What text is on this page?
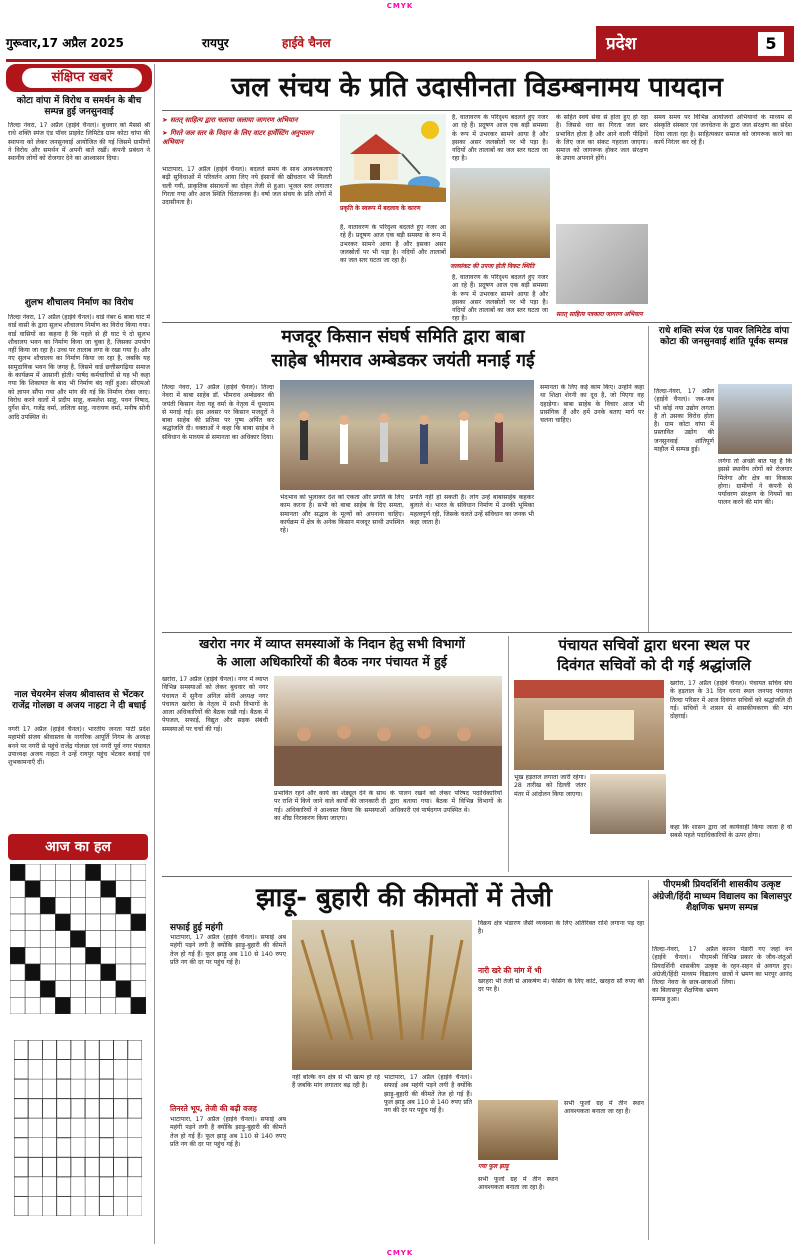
CMYK
CMYK
गुरूवार,17 अप्रैल 2025	रायपुर	हाईवे चैनल	प्रदेश	5
संक्षिप्त खबरें
कोटा वांपा में विरोध व समर्थन के बीच सम्पन्न हुई जनसुनवाई
तिल्दा नेवरा, 17 अप्रैल (हाईवे चैनल)। बुधवार को मैसर्स श्री राधे शक्ति स्पंज एंड पॉवर प्राइवेट लिमिटेड ग्राम कोटा चांपा की स्थापना को लेकर जनसुनवाई आयोजित की गई जिसमें ग्रामीणों ने विरोध और समर्थन में अपनी बातें रखीं। कंपनी प्रबंधन ने स्थानीय लोगों को रोजगार देने का आश्वासन दिया।
शुलभ शौचालय निर्माण का विरोध
तिल्दा नेवरा, 17 अप्रैल (हाईवे चैनल)। वार्ड नंबर 6 बाबा घाट में वार्ड वासी के द्वारा सुलभ शौचालय निर्माण का विरोध किया गया। वार्ड वासियों का कहना है कि पहले से ही घाट पे दो सुलभ शौचालय भवन का निर्माण किया जा चुका है, जिसका उपयोग नहीं किया जा रहा है। उच्च पर तालाब लगा के रखा गया है। और नए सुलभ शौचालय का निर्माण किया जा रहा है, जबकि यह सामुदायिक भवन कि जगह है, जिसमे वार्ड छत्तीसगढ़िया समाज के कार्यक्रम में आसानी होती। पार्षद कर्मचारियों से यह भी कहा गया कि शिकायत के बाद भी निर्माण बंद नहीं हुआ। सीएमओ को ज्ञापन सौंपा गया और मांग की गई कि निर्माण रोका जाए। विरोध करने वालों में प्रदीप साहू, कमलेश साहू, पवन निषाद, दुर्गेश सेन, गजेंद्र वर्मा, ललिता साहू, नारायण वर्मा, मनीष सोनी आदि उपस्थित थे।
नाल चेयरमेन संजय श्रीवास्तव से भेंटकर राजेंद्र गोलछा व अजय नाहटा ने दी बधाई
नगरी 17 अप्रैल (हाईवे चैनल)। भारतीय जनता पार्टी प्रदेश महामंत्री संजय श्रीवास्तव के नागरिक आपूर्ति निगम के अध्यक्ष बनने पर नगरी से पहुंचे राजेंद्र गोलछा एवं नगरी पूर्व नगर पंचायत उपाध्यक्ष अजय नाहटा ने उन्हें रायपुर पहुंच भेंटकर बधाई एवं शुभकामनाएँ दीं।
आज का हल
जल संचय के प्रति उदासीनता विडम्बनामय पायदान
➤ सतत् साहित्य द्वारा चलाया जलाया जागरण अभियान
➤ गिरते जल स्तर के निदान के लिए वाटर हार्वेस्टिंग अनुपालन अभियान
भाटापारा, 17 अप्रैल (हाईवे चैनल)। बदलते समय के साथ आवश्यकताएं बढ़ी सुविधाओं में परिवर्तन आया लिए नये इंसानों की खीचतान भी मिलती चली गयी, प्राकृतिक संसाधनों का दोहन तेजी से हुआ। भूजल स्तर लगातार गिरता गया और आज स्थिति चिंताजनक है। वर्षा जल संचय के प्रति लोगों में उदासीनता है।
प्रकृति के स्वरूप में बदलाव के कारण
है, वातावरण के परिदृश्य बदलते हुए नजर आ रहे हैं। प्रदूषण आज एक बड़ी समस्या के रूप में उभरकर सामने आया है और इसका असर जलस्रोतों पर भी पड़ा है। नदियों और तालाबों का जल स्तर घटता जा रहा है।
है, वातावरण के परिदृश्य बदलते हुए नजर आ रहे हैं। प्रदूषण आज एक बड़ी समस्या के रूप में उभरकर सामने आया है और इसका असर जलस्रोतों पर भी पड़ा है। नदियों और तालाबों का जल स्तर घटता जा रहा है।
जलसंकट की उपजा होती विकट स्थिति
है, वातावरण के परिदृश्य बदलते हुए नजर आ रहे हैं। प्रदूषण आज एक बड़ी समस्या के रूप में उभरकर सामने आया है और इसका असर जलस्रोतों पर भी पड़ा है। नदियों और तालाबों का जल स्तर घटता जा रहा है।
के सहित स्वयं सेवा से होता हुए हो रहा है। जिससे धरा का गिरता जल स्तर प्रभावित होता है और आने वाली पीढ़ियों के लिए जल का संकट गहराता जाएगा। समाज को जागरूक होकर जल संरक्षण के उपाय अपनाने होंगे।
सतत् साहित्य पत्रकारा जागरण अभियान
समय समय पर विभिन्न आयोजनों अभियानों के माध्यम से संस्कृति संस्कार एवं जनचेतना के द्वारा जल संरक्षण का संदेश दिया जाता रहा है। साहित्यकार समाज को जागरूक करने का कार्य निरंतर कर रहे हैं।
मजदूर किसान संघर्ष समिति द्वारा बाबा
साहेब भीमराव अम्बेडकर जयंती मनाई गई
तिल्दा नेवरा, 17 अप्रैल (हाईवे चैनल)। तिल्दा नेवरा में बाबा साहेब डॉ. भीमराव अम्बेडकर की जयंती किसान नेता यहू वर्मा के नेतृत्व में धूमधाम से मनाई गई। इस अवसर पर किसान मजदूरों ने बाबा साहेब की प्रतिमा पर पुष्प अर्पित कर श्रद्धांजलि दी। वक्ताओं ने कहा कि बाबा साहेब ने संविधान के माध्यम से समानता का अधिकार दिया।
भेदभाव को भुलाकर देश को एकता और प्रगति के लिए काम करना है। सभी को बाबा साहेब के दिए समता, समानता और सद्भाव के मूल्यों को अपनाना चाहिए। कार्यक्रम में क्षेत्र के अनेक किसान मजदूर साथी उपस्थित रहे।
प्रगति नहीं हो सकती है। लोग उन्हें बाबासाहेब कहकर बुलाते थे। भारत के संविधान निर्माण में उनकी भूमिका महत्वपूर्ण रही, जिसके चलते उन्हें संविधान का जनक भी कहा जाता है।
समानता के लिए कई काम किए। उन्होंने कहा था शिक्षा शेरनी का दूध है, जो पिएगा वह दहाड़ेगा। बाबा साहेब के विचार आज भी प्रासंगिक हैं और हमें उनके बताए मार्ग पर चलना चाहिए।
राधे शक्ति स्पंज एंड पावर लिमिटेड वांपा कोटा की जनसुनवाई शांति पूर्वक सम्पन्न
तिल्दा-नेवरा, 17 अप्रैल (हाईवे चैनल)। जब-जब भी कोई नया उद्योग लगता है तो उसका विरोध होता है। ग्राम कोटा वांपा में प्रस्तावित उद्योग की जनसुनवाई शांतिपूर्ण माहौल में सम्पन्न हुई।
लगेगा तो अच्छी बात यह है कि इससे स्थानीय लोगों को रोजगार मिलेगा और क्षेत्र का विकास होगा। ग्रामीणों ने कंपनी से पर्यावरण संरक्षण के नियमों का पालन करने की मांग की।
खरोरा नगर में व्याप्त समस्याओं के निदान हेतु सभी विभागों
के आला अधिकारियों की बैठक नगर पंचायत में हुई
खरोरा, 17 अप्रैल (हाईवे चैनल)। नगर में व्याप्त विभिन्न समस्याओं को लेकर बुधवार को नगर पंचायत में सुनैना अनिल सोनी अध्यक्ष नगर पंचायत खरोरा के नेतृत्व में सभी विभागों के आला अधिकारियों की बैठक रखी गई। बैठक में पेयजल, सफाई, विद्युत और सड़क संबंधी समस्याओं पर चर्चा की गई।
प्रभावित रहने और कार्य का शेड्यूल देने के साथ पर राशि में किये जाने वाले कार्यों की जानकारी दी गई। अधिकारियों ने आश्वस्त किया कि समस्याओं का शीघ्र निराकरण किया जाएगा।
के पालन रखने को लेकर परिषद पदाधिकारियों द्वारा बताया गया। बैठक में विभिन्न विभागों के अधिकारी एवं पार्षदगण उपस्थित थे।
पंचायत सचिवों द्वारा धरना स्थल पर
दिवंगत सचिवों को दी गई श्रद्धांजलि
खरोरा, 17 अप्रैल (हाईवे चैनल)। पंचायत सचिव संघ के हड़ताल के 31 दिन धरना स्थल जनपद पंचायत तिल्दा परिसर में आज दिवंगत सचिवों को श्रद्धांजलि दी गई। सचिवों ने शासन से शासकीयकरण की मांग दोहराई।
भूख हड़ताल लगाता जारी रहेगा। 28 तारीख को दिल्ली जंतर मंतर में आंदोलन किया जाएगा।
कहा कि शासन द्वारा जो कार्यवाही किया जाता है वो सबसे पहले पदाधिकारियों के ऊपर होगा।
पीएमश्री प्रियदर्शिनी शासकीय उत्कृष्ट अंग्रेजी/हिंदी माध्यम विद्यालय का बिलासपुर शैक्षणिक भ्रमण सम्पन्न
तिल्दा-नेवरा, 17 अप्रैल (हाईवे चैनल)। पीएमश्री प्रियदर्शिनी शासकीय उत्कृष्ट अंग्रेजी/हिंदी माध्यम विद्यालय तिल्दा नेवरा के छात्र-छात्राओं का बिलासपुर शैक्षणिक भ्रमण सम्पन्न हुआ।
कानन पेंडारी गए जहां वन विभिन्न प्रकार के जीव-जंतुओं के रहन-सहन से अवगत हुए। छात्रों ने भ्रमण का भरपूर आनंद लिया।
झाड़ू- बुहारी की कीमतों में तेजी
सफाई हुई महंगी
भाटापारा, 17 अप्रैल (हाईवे चैनल)। सफाई अब महंगी पड़ने लगी है क्योंकि झाड़ू-बुहारी की कीमतें तेज हो गई हैं। फूल झाड़ू अब 110 से 140 रुपए प्रति नग की दर पर पहुंच गई है।
तिनरते भूप, तेजी की बढ़ी वजह
भाटापारा, 17 अप्रैल (हाईवे चैनल)। सफाई अब महंगी पड़ने लगी है क्योंकि झाड़ू-बुहारी की कीमतें तेज हो गई हैं। फूल झाड़ू अब 110 से 140 रुपए प्रति नग की दर पर पहुंच गई है।
नहीं बल्कि वन क्षेत्र से भी खत्म हो रहे हैं जबकि मांग लगातार बढ़ रही है।
भाटापारा, 17 अप्रैल (हाईवे चैनल)। सफाई अब महंगी पड़ने लगी है क्योंकि झाड़ू-बुहारी की कीमतें तेज हो गई हैं। फूल झाड़ू अब 110 से 140 रुपए प्रति नग की दर पर पहुंच गई है।
विक्रय क्षेत्र भंडारण जैसी व्यवस्था के लिए अतिरिक्त राशि लगाना पड़ रहा है।
नारी खरे की मांग में भी
खरहरा भी तेजी से आकर्षण में। फेंसिंग के लिए कांटे, खरहरा सौ रुपए की दर पर है।
गया फूल झाड़ू
सभी फूलों ग्रह में तीन स्थान आवश्यकता बनाता जा रहा है।
सभी फूलों ग्रह में तीन स्थान आवश्यकता बनाता जा रहा है।
